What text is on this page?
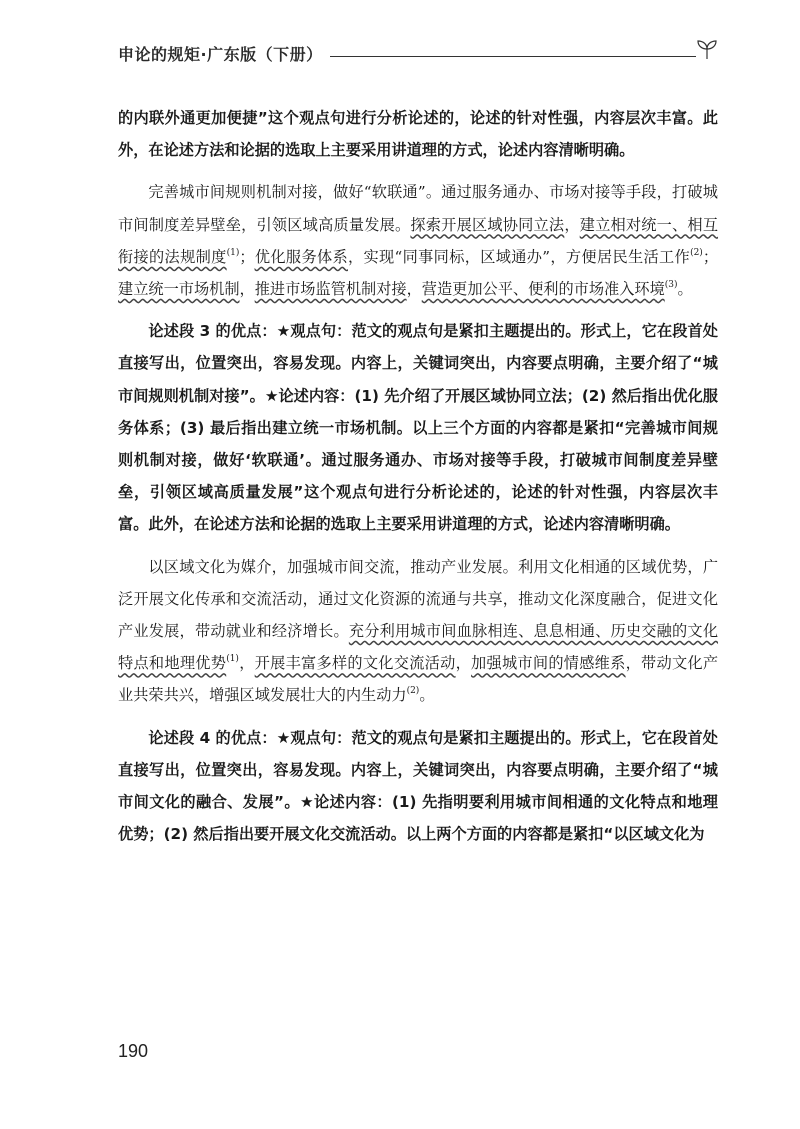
申论的规矩·广东版（下册）

的内联外通更加便捷”这个观点句进行分析论述的，论述的针对性强，内容层次丰富。此外，在论述方法和论据的选取上主要采用讲道理的方式，论述内容清晰明确。

完善城市间规则机制对接，做好“软联通”。通过服务通办、市场对接等手段，打破城市间制度差异壁垒，引领区域高质量发展。探索开展区域协同立法，建立相对统一、相互衔接的法规制度$^{(1)}$；优化服务体系，实现“同事同标，区域通办”，方便居民生活工作$^{(2)}$；建立统一市场机制，推进市场监管机制对接，营造更加公平、便利的市场准入环境$^{(3)}$。

论述段 3 的优点：★观点句：范文的观点句是紧扣主题提出的。形式上，它在段首处直接写出，位置突出，容易发现。内容上，关键词突出，内容要点明确，主要介绍了“城市间规则机制对接”。★论述内容：(1) 先介绍了开展区域协同立法；(2) 然后指出优化服务体系；(3) 最后指出建立统一市场机制。以上三个方面的内容都是紧扣“完善城市间规则机制对接，做好‘软联通’。通过服务通办、市场对接等手段，打破城市间制度差异壁垒，引领区域高质量发展”这个观点句进行分析论述的，论述的针对性强，内容层次丰富。此外，在论述方法和论据的选取上主要采用讲道理的方式，论述内容清晰明确。

以区域文化为媒介，加强城市间交流，推动产业发展。利用文化相通的区域优势，广泛开展文化传承和交流活动，通过文化资源的流通与共享，推动文化深度融合，促进文化产业发展，带动就业和经济增长。充分利用城市间血脉相连、息息相通、历史交融的文化特点和地理优势$^{(1)}$，开展丰富多样的文化交流活动，加强城市间的情感维系，带动文化产业共荣共兴，增强区域发展壮大的内生动力$^{(2)}$。

论述段 4 的优点：★观点句：范文的观点句是紧扣主题提出的。形式上，它在段首处直接写出，位置突出，容易发现。内容上，关键词突出，内容要点明确，主要介绍了“城市间文化的融合、发展”。★论述内容：(1) 先指明要利用城市间相通的文化特点和地理优势；(2) 然后指出要开展文化交流活动。以上两个方面的内容都是紧扣“以区域文化为

190
